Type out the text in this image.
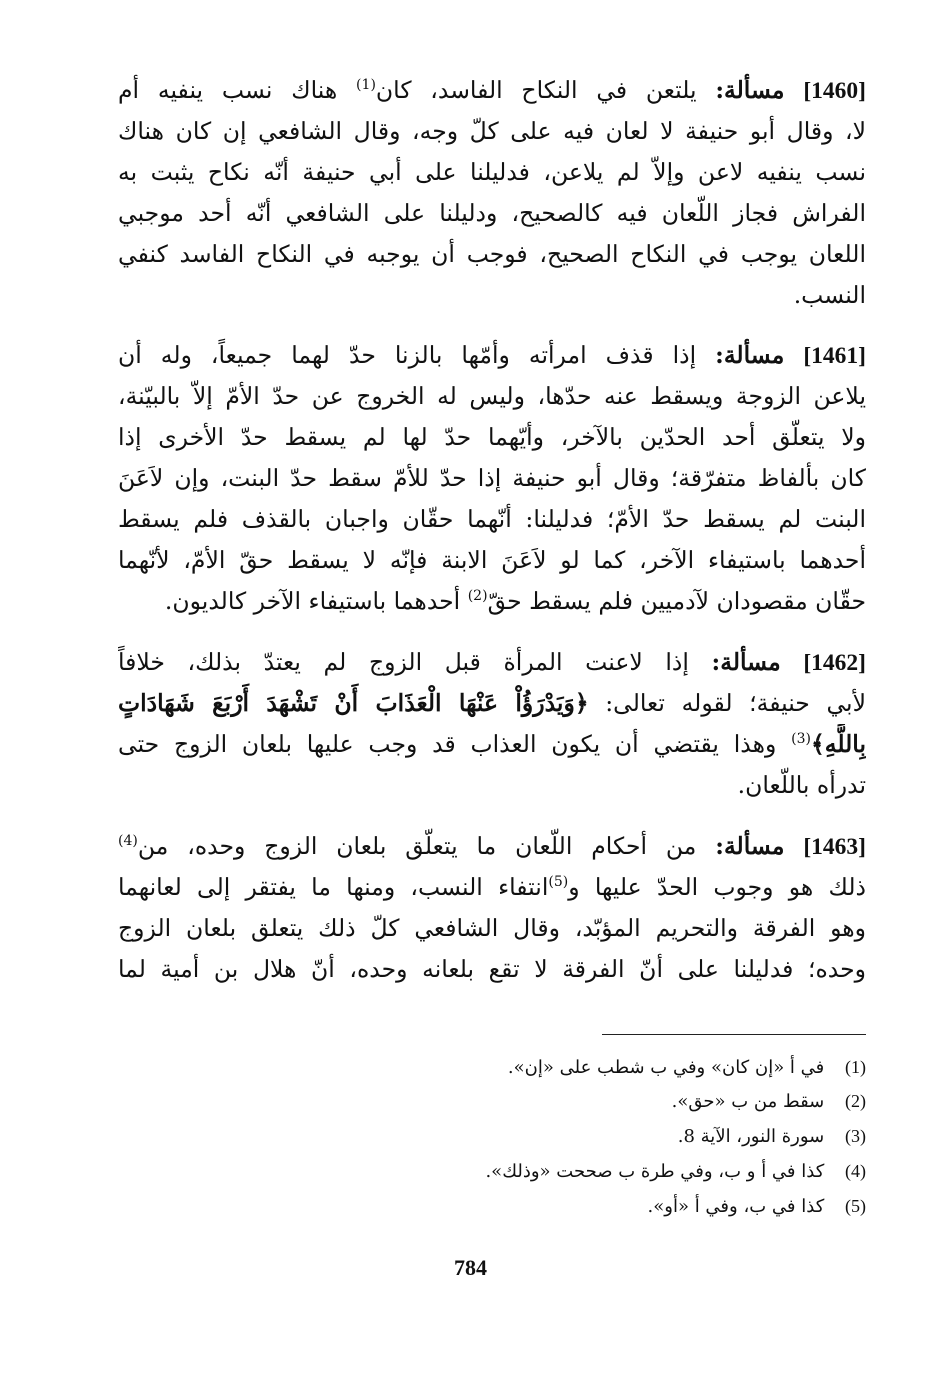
[1460] مسألة: يلتعن في النكاح الفاسد، كان$^{(1)}$ هناك نسب ينفيه أم
لا، وقال أبو حنيفة لا لعان فيه على كلّ وجه، وقال الشافعي إن كان هناك
نسب ينفيه لاعن وإلاّ لم يلاعن، فدليلنا على أبي حنيفة أنّه نكاح يثبت به
الفراش فجاز اللّعان فيه كالصحيح، ودليلنا على الشافعي أنّه أحد موجبي
اللعان يوجب في النكاح الصحيح، فوجب أن يوجبه في النكاح الفاسد كنفي
النسب.
[1461] مسألة: إذا قذف امرأته وأمّها بالزنا حدّ لهما جميعاً، وله أن
يلاعن الزوجة ويسقط عنه حدّها، وليس له الخروج عن حدّ الأمّ إلاّ بالبيّنة،
ولا يتعلّق أحد الحدّين بالآخر، وأيّهما حدّ لها لم يسقط حدّ الأخرى إذا
كان بألفاظ متفرّقة؛ وقال أبو حنيفة إذا حدّ للأمّ سقط حدّ البنت، وإن لاَعَنَ
البنت لم يسقط حدّ الأمّ؛ فدليلنا: أنّهما حقّان واجبان بالقذف فلم يسقط
أحدهما باستيفاء الآخر، كما لو لاَعَنَ الابنة فإنّه لا يسقط حقّ الأمّ، لأنّهما
حقّان مقصودان لآدميين فلم يسقط حقّ$^{(2)}$ أحدهما باستيفاء الآخر كالديون.
[1462] مسألة: إذا لاعنت المرأة قبل الزوج لم يعتدّ بذلك، خلافاً
لأبي حنيفة؛ لقوله تعالى: ﴿وَيَدْرَؤُاْ عَنْهَا الْعَذَابَ أَنْ تَشْهَدَ أَرْبَعَ شَهَادَاتٍ
بِاللَّهِ﴾$^{(3)}$ وهذا يقتضي أن يكون العذاب قد وجب عليها بلعان الزوج حتى
تدرأه باللّعان.
[1463] مسألة: من أحكام اللّعان ما يتعلّق بلعان الزوج وحده، من$^{(4)}$
ذلك هو وجوب الحدّ عليها و$^{(5)}$انتفاء النسب، ومنها ما يفتقر إلى لعانهما
وهو الفرقة والتحريم المؤبّد، وقال الشافعي كلّ ذلك يتعلق بلعان الزوج
وحده؛ فدليلنا على أنّ الفرقة لا تقع بلعانه وحده، أنّ هلال بن أمية لما
(1) في أ «إن كان» وفي ب شطب على «إن».
(2) سقط من ب «حق».
(3) سورة النور، الآية 8.
(4) كذا في أ و ب، وفي طرة ب صححت «وذلك».
(5) كذا في ب، وفي أ «أو».
784
